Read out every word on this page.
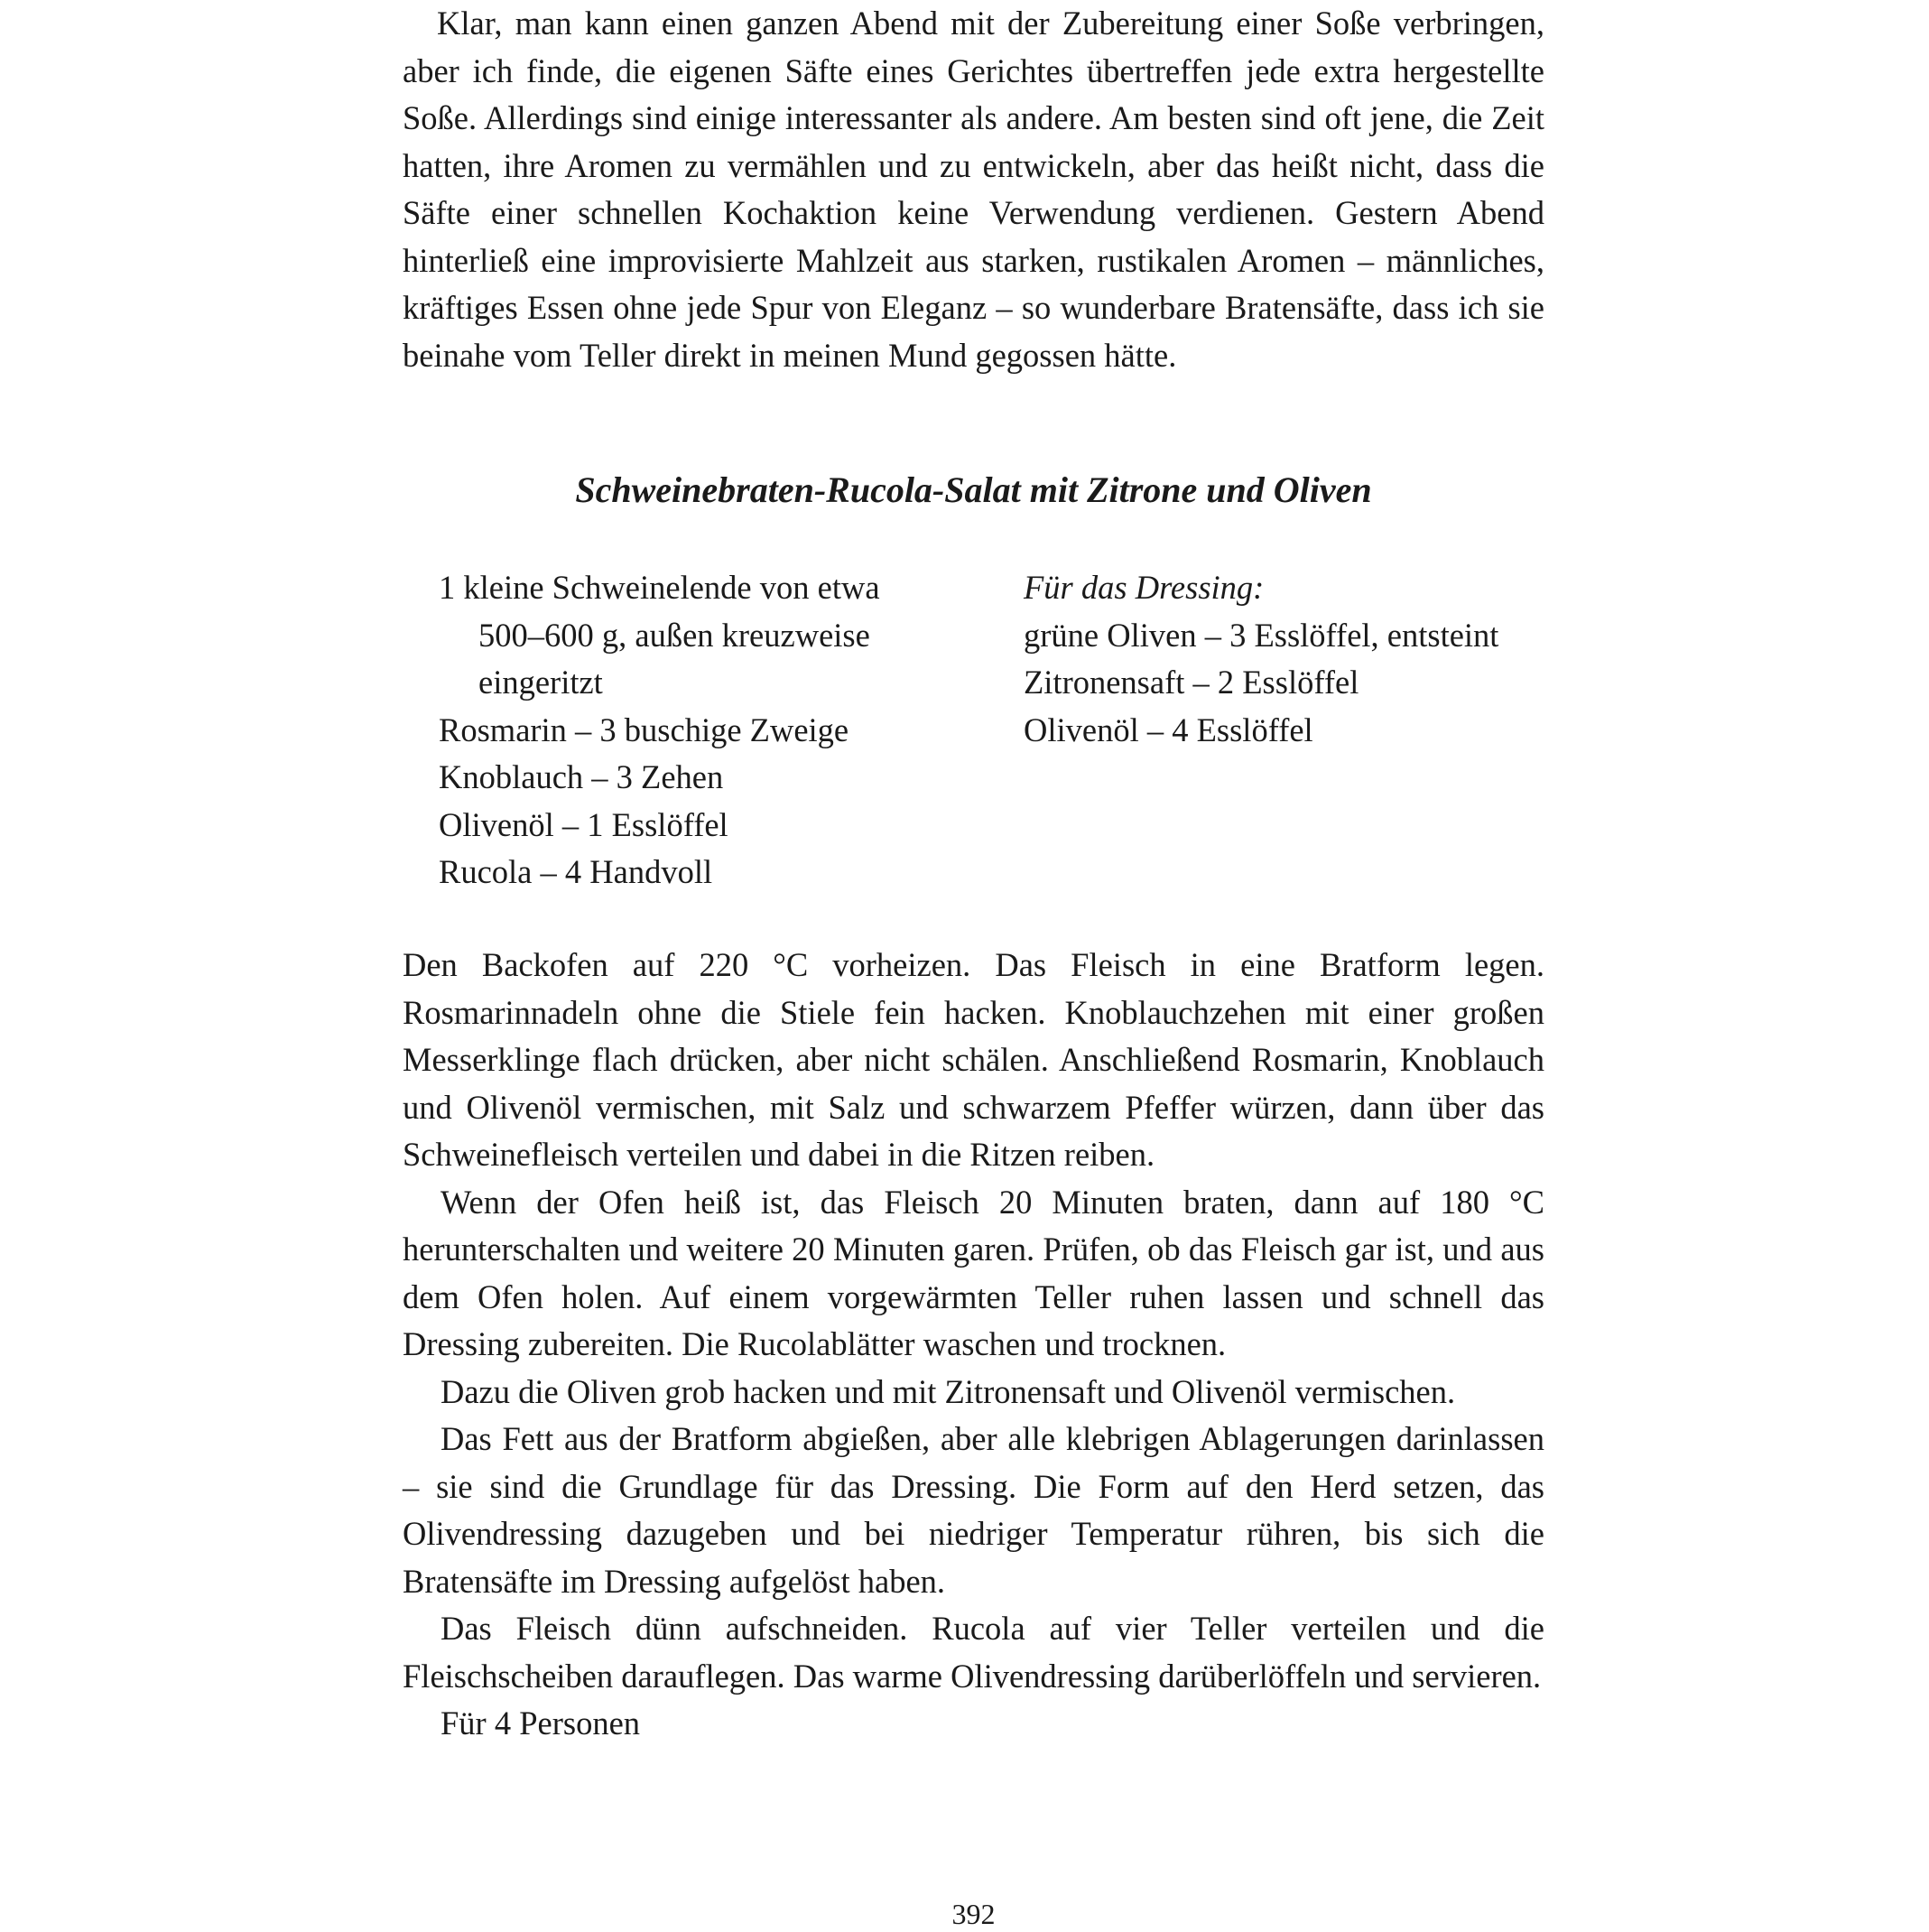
Klar, man kann einen ganzen Abend mit der Zubereitung einer Soße verbringen, aber ich finde, die eigenen Säfte eines Gerichtes übertreffen jede extra hergestellte Soße. Allerdings sind einige interessanter als andere. Am besten sind oft jene, die Zeit hatten, ihre Aromen zu vermählen und zu entwickeln, aber das heißt nicht, dass die Säfte einer schnellen Kochaktion keine Verwendung verdienen. Gestern Abend hinterließ eine improvisierte Mahlzeit aus starken, rustikalen Aromen – männliches, kräftiges Essen ohne jede Spur von Eleganz – so wunderbare Bratensäfte, dass ich sie beinahe vom Teller direkt in meinen Mund gegossen hätte.

Schweinebraten-Rucola-Salat mit Zitrone und Oliven
1 kleine Schweinelende von etwa 500–600 g, außen kreuzweise eingeritzt
Rosmarin – 3 buschige Zweige
Knoblauch – 3 Zehen
Olivenöl – 1 Esslöffel
Rucola – 4 Handvoll
Für das Dressing:
grüne Oliven – 3 Esslöffel, entsteint
Zitronensaft – 2 Esslöffel
Olivenöl – 4 Esslöffel

Den Backofen auf 220 °C vorheizen. Das Fleisch in eine Bratform legen. Rosmarinnadeln ohne die Stiele fein hacken. Knoblauchzehen mit einer großen Messerklinge flach drücken, aber nicht schälen. Anschließend Rosmarin, Knoblauch und Olivenöl vermischen, mit Salz und schwarzem Pfeffer würzen, dann über das Schweinefleisch verteilen und dabei in die Ritzen reiben.

Wenn der Ofen heiß ist, das Fleisch 20 Minuten braten, dann auf 180 °C herunterschalten und weitere 20 Minuten garen. Prüfen, ob das Fleisch gar ist, und aus dem Ofen holen. Auf einem vorgewärmten Teller ruhen lassen und schnell das Dressing zubereiten. Die Rucolablätter waschen und trocknen.

Dazu die Oliven grob hacken und mit Zitronensaft und Olivenöl vermischen.

Das Fett aus der Bratform abgießen, aber alle klebrigen Ablagerungen darinlassen – sie sind die Grundlage für das Dressing. Die Form auf den Herd setzen, das Olivendressing dazugeben und bei niedriger Temperatur rühren, bis sich die Bratensäfte im Dressing aufgelöst haben.

Das Fleisch dünn aufschneiden. Rucola auf vier Teller verteilen und die Fleischscheiben darauflegen. Das warme Olivendressing darüberlöffeln und servieren.

Für 4 Personen

392
